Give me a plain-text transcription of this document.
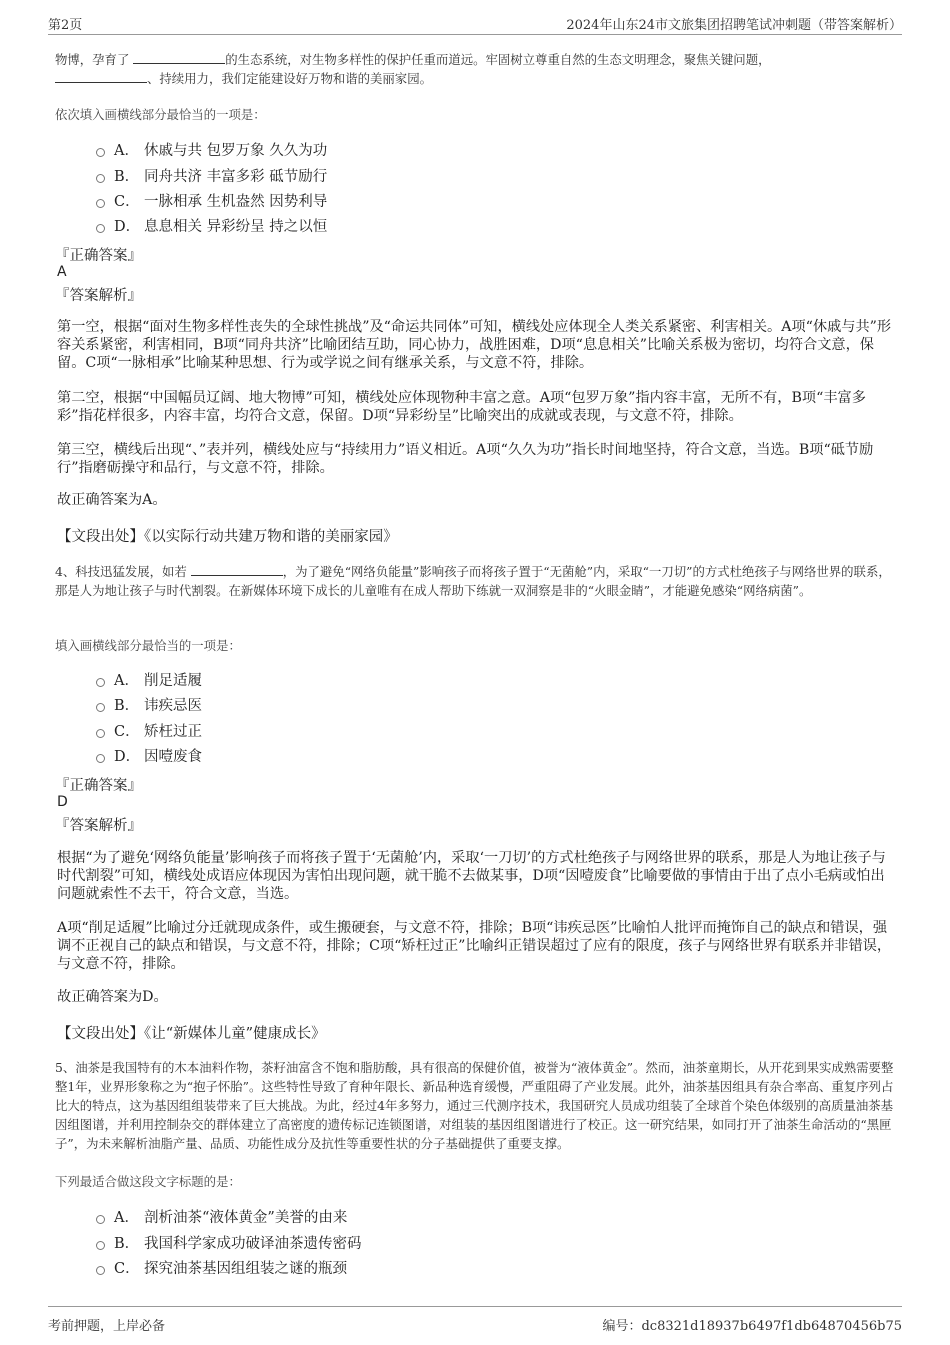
第2页	2024年山东24市文旅集团招聘笔试冲刺题（带答案解析）
物博，孕育了	的生态系统，对生物多样性的保护任重而道远。牢固树立尊重自然的生态文明理念，聚焦关键问题，
、持续用力，我们定能建设好万物和谐的美丽家园。
依次填入画横线部分最恰当的一项是：
A． 休戚与共 包罗万象 久久为功
B． 同舟共济 丰富多彩 砥节励行
C． 一脉相承 生机盎然 因势利导
D． 息息相关 异彩纷呈 持之以恒
『正确答案』
A
『答案解析』
第一空，根据“面对生物多样性丧失的全球性挑战”及“命运共同体”可知，横线处应体现全人类关系紧密、利害相关。A项“休戚与共”形容关系紧密，利害相同，B项“同舟共济”比喻团结互助，同心协力，战胜困难，D项“息息相关”比喻关系极为密切，均符合文意，保留。C项“一脉相承”比喻某种思想、行为或学说之间有继承关系，与文意不符，排除。
第二空，根据“中国幅员辽阔、地大物博”可知，横线处应体现物种丰富之意。A项“包罗万象”指内容丰富，无所不有，B项“丰富多彩”指花样很多，内容丰富，均符合文意，保留。D项“异彩纷呈”比喻突出的成就或表现，与文意不符，排除。
第三空，横线后出现“、”表并列，横线处应与“持续用力”语义相近。A项“久久为功”指长时间地坚持，符合文意，当选。B项“砥节励行”指磨砺操守和品行，与文意不符，排除。
故正确答案为A。
【文段出处】《以实际行动共建万物和谐的美丽家园》
4、科技迅猛发展，如若	，为了避免“网络负能量”影响孩子而将孩子置于“无菌舱”内，采取“一刀切”的方式杜绝孩子与网络世界的联系，那是人为地让孩子与时代割裂。在新媒体环境下成长的儿童唯有在成人帮助下练就一双洞察是非的“火眼金睛”，才能避免感染“网络病菌”。
填入画横线部分最恰当的一项是：
A． 削足适履
B． 讳疾忌医
C． 矫枉过正
D． 因噎废食
『正确答案』
D
『答案解析』
根据“为了避免‘网络负能量’影响孩子而将孩子置于‘无菌舱’内，采取‘一刀切’的方式杜绝孩子与网络世界的联系，那是人为地让孩子与时代割裂”可知，横线处成语应体现因为害怕出现问题，就干脆不去做某事，D项“因噎废食”比喻要做的事情由于出了点小毛病或怕出问题就索性不去干，符合文意，当选。
A项“削足适履”比喻过分迁就现成条件，或生搬硬套，与文意不符，排除；B项“讳疾忌医”比喻怕人批评而掩饰自己的缺点和错误，强调不正视自己的缺点和错误，与文意不符，排除；C项“矫枉过正”比喻纠正错误超过了应有的限度，孩子与网络世界有联系并非错误，与文意不符，排除。
故正确答案为D。
【文段出处】《让“新媒体儿童”健康成长》
5、油茶是我国特有的木本油料作物，茶籽油富含不饱和脂肪酸，具有很高的保健价值，被誉为“液体黄金”。然而，油茶童期长，从开花到果实成熟需要整整1年，业界形象称之为“抱子怀胎”。这些特性导致了育种年限长、新品种选育缓慢，严重阻碍了产业发展。此外，油茶基因组具有杂合率高、重复序列占比大的特点，这为基因组组装带来了巨大挑战。为此，经过4年多努力，通过三代测序技术，我国研究人员成功组装了全球首个染色体级别的高质量油茶基因组图谱，并利用控制杂交的群体建立了高密度的遗传标记连锁图谱，对组装的基因组图谱进行了校正。这一研究结果，如同打开了油茶生命活动的“黑匣子”，为未来解析油脂产量、品质、功能性成分及抗性等重要性状的分子基础提供了重要支撑。
下列最适合做这段文字标题的是：
A． 剖析油茶“液体黄金”美誉的由来
B． 我国科学家成功破译油茶遗传密码
C． 探究油茶基因组组装之谜的瓶颈
考前押题，上岸必备	编号：dc8321d18937b6497f1db64870456b75
